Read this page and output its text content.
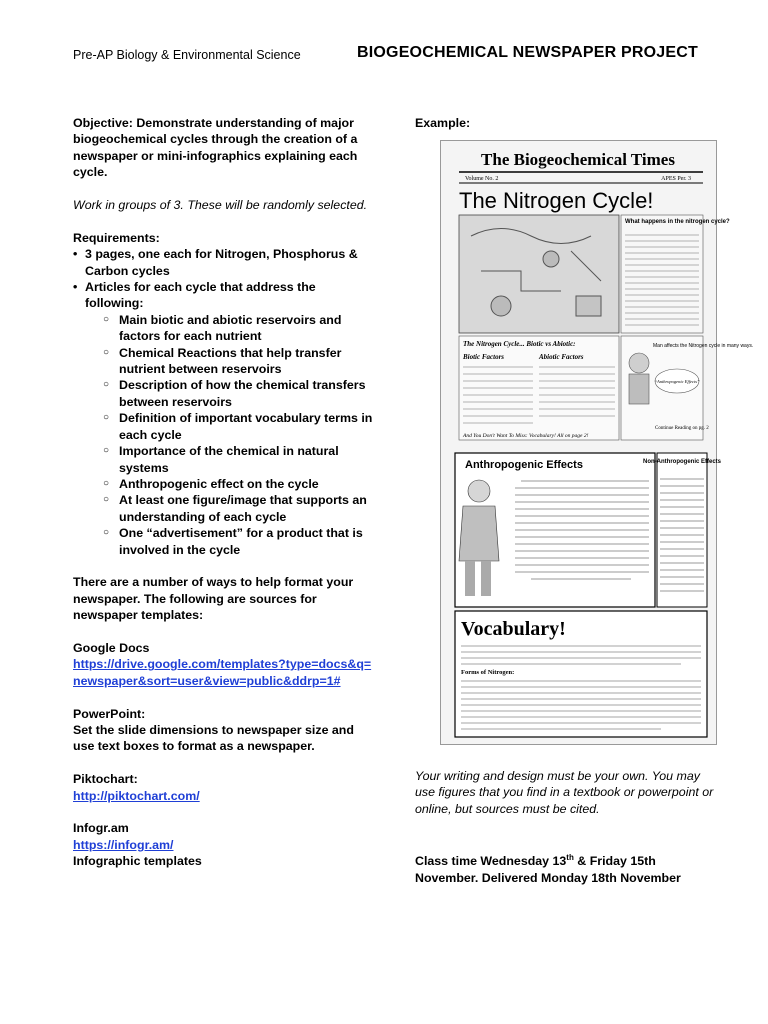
Pre-AP Biology & Environmental Science	BIOGEOCHEMICAL NEWSPAPER PROJECT

Objective: Demonstrate understanding of major biogeochemical cycles through the creation of a newspaper or mini-infographics explaining each cycle.

Work in groups of 3. These will be randomly selected.

Requirements:

• 3 pages, one each for Nitrogen, Phosphorus & Carbon cycles
• Articles for each cycle that address the following:
○ Main biotic and abiotic reservoirs and factors for each nutrient
○ Chemical Reactions that help transfer nutrient between reservoirs
○ Description of how the chemical transfers between reservoirs
○ Definition of important vocabulary terms in each cycle
○ Importance of the chemical in natural systems
○ Anthropogenic effect on the cycle
○ At least one figure/image that supports an understanding of each cycle
○ One “advertisement” for a product that is involved in the cycle

There are a number of ways to help format your newspaper. The following are sources for newspaper templates:

Google Docs

https://drive.google.com/templates?type=docs&q=newspaper&sort=user&view=public&ddrp=1#

PowerPoint:

Set the slide dimensions to newspaper size and use text boxes to format as a newspaper.

Piktochart:

http://piktochart.com/

Infogr.am

https://infogr.am/

Infographic templates

Example:

The Biogeochemical Times
Volume No. 2	APES Per. 3
The Nitrogen Cycle!
What happens in the nitrogen cycle?
The Nitrogen Cycle... Biotic vs Abiotic:
Biotic Factors	Abiotic Factors
And You Don't Want To Miss: Vocabulary! All on page 2!
Man affects the Nitrogen cycle in many ways.
“Anthropogenic Effects”
Continue Reading on pg. 2
Anthropogenic Effects	Non-Anthropogenic Effects
Vocabulary!
Forms of Nitrogen:
Your writing and design must be your own. You may use figures that you find in a textbook or powerpoint or online, but sources must be cited.
Class time Wednesday 13th & Friday 15th November. Delivered Monday 18th November
